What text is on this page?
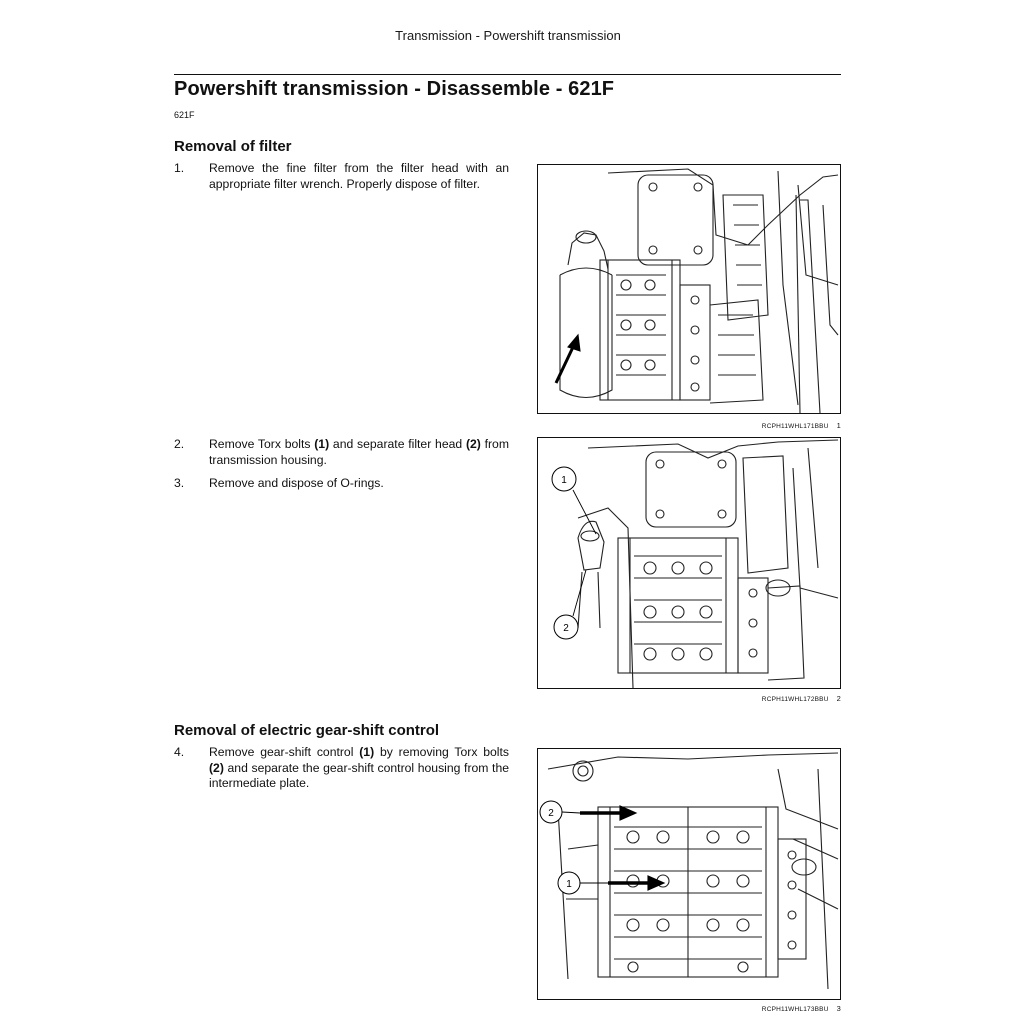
Transmission - Powershift transmission
Powershift transmission - Disassemble - 621F
621F
Removal of filter
1. Remove the fine filter from the filter head with an appropriate filter wrench. Properly dispose of filter.
2. Remove Torx bolts (1) and separate filter head (2) from transmission housing.
3. Remove and dispose of O-rings.
Removal of electric gear-shift control
4. Remove gear-shift control (1) by removing Torx bolts (2) and separate the gear-shift control housing from the intermediate plate.
RCPH11WHL171BBU 1
1
2
RCPH11WHL172BBU 2
2
1
RCPH11WHL173BBU 3
